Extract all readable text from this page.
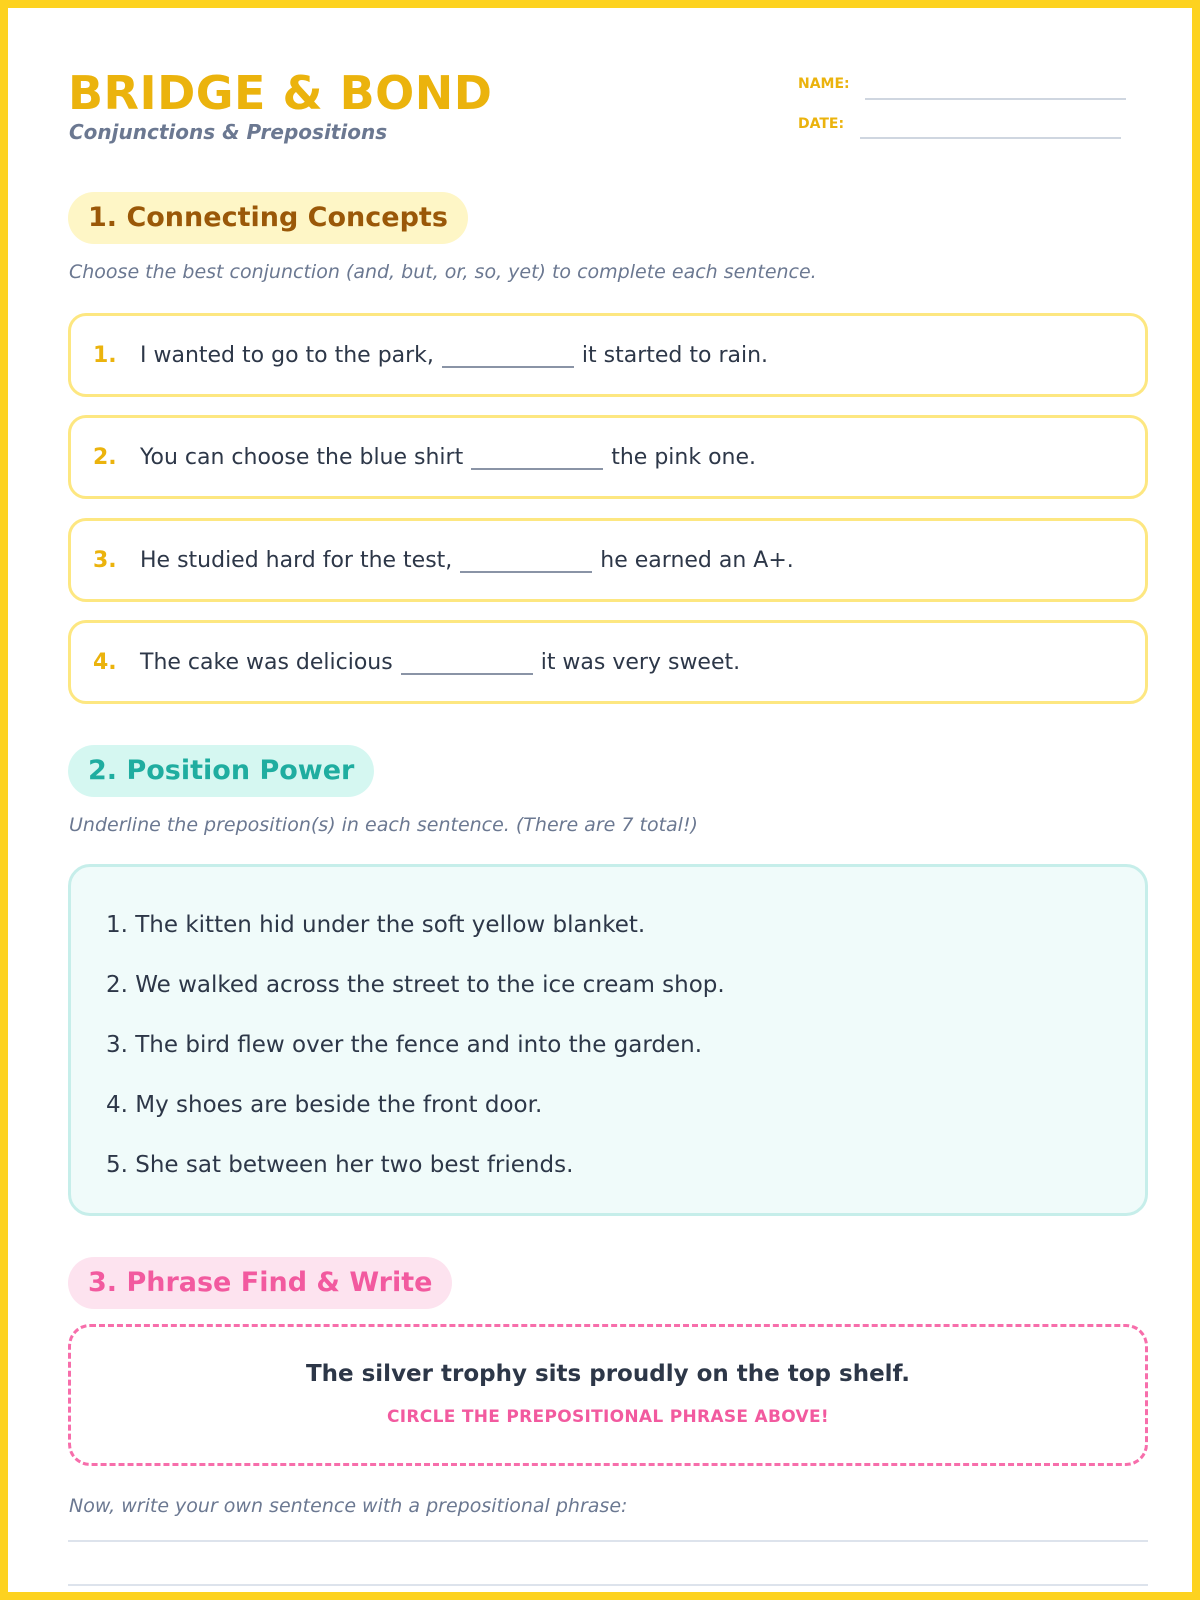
BRIDGE & BOND
Conjunctions & Prepositions
NAME:
DATE:
1. Connecting Concepts
Choose the best conjunction (and, but, or, so, yet) to complete each sentence.
1.	I wanted to go to the park,	it started to rain.
2.	You can choose the blue shirt	the pink one.
3.	He studied hard for the test,	he earned an A+.
4.	The cake was delicious	it was very sweet.
2. Position Power
Underline the preposition(s) in each sentence. (There are 7 total!)
1. The kitten hid under the soft yellow blanket.
2. We walked across the street to the ice cream shop.
3. The bird flew over the fence and into the garden.
4. My shoes are beside the front door.
5. She sat between her two best friends.
3. Phrase Find & Write
The silver trophy sits proudly on the top shelf.
CIRCLE THE PREPOSITIONAL PHRASE ABOVE!
Now, write your own sentence with a prepositional phrase:
